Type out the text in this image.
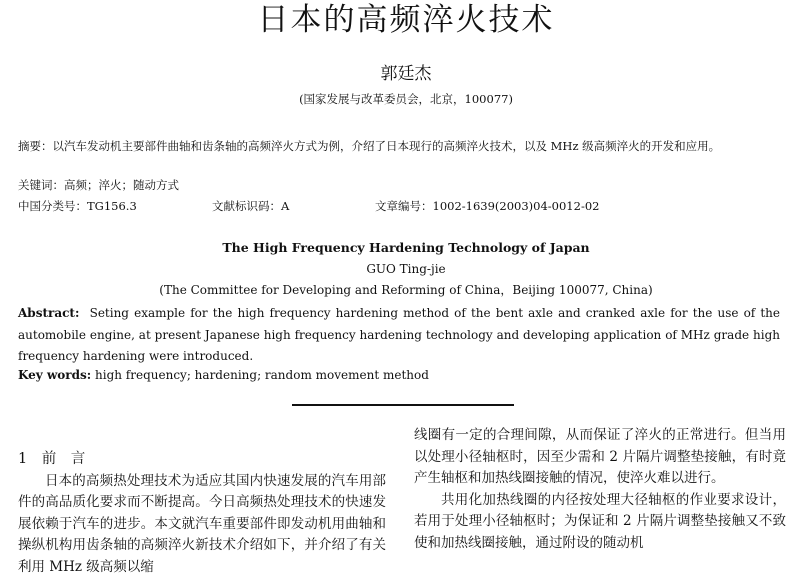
日本的高频淬火技术
郭廷杰
(国家发展与改革委员会，北京，100077)
摘要：以汽车发动机主要部件曲轴和齿条轴的高频淬火方式为例，介绍了日本现行的高频淬火技术，以及 MHz 级高频淬火的开发和应用。
关键词：高频；淬火；随动方式
中国分类号：TG156.3	文献标识码：A	文章编号：1002-1639(2003)04-0012-02
The High Frequency Hardening Technology of Japan
GUO Ting-jie
(The Committee for Developing and Reforming of China，Beijing 100077, China)
Abstract: Seting example for the high frequency hardening method of the bent axle and cranked axle for the use of the automobile engine, at present Japanese high frequency hardening technology and developing application of MHz grade high frequency hardening were introduced.
Key words: high frequency; hardening; random movement method
1　前　言

日本的高频热处理技术为适应其国内快速发展的汽车用部件的高品质化要求而不断提高。今日高频热处理技术的快速发展依赖于汽车的进步。本文就汽车重要部件即发动机用曲轴和操纵机构用齿条轴的高频淬火新技术介绍如下，并介绍了有关利用 MHz 级高频以缩

线圈有一定的合理间隙，从而保证了淬火的正常进行。但当用以处理小径轴枢时，因至少需和 2 片隔片调整垫接触，有时竟产生轴枢和加热线圈接触的情况，使淬火难以进行。

共用化加热线圈的内径按处理大径轴枢的作业要求设计，若用于处理小径轴枢时；为保证和 2 片隔片调整垫接触又不致使和加热线圈接触，通过附设的随动机
